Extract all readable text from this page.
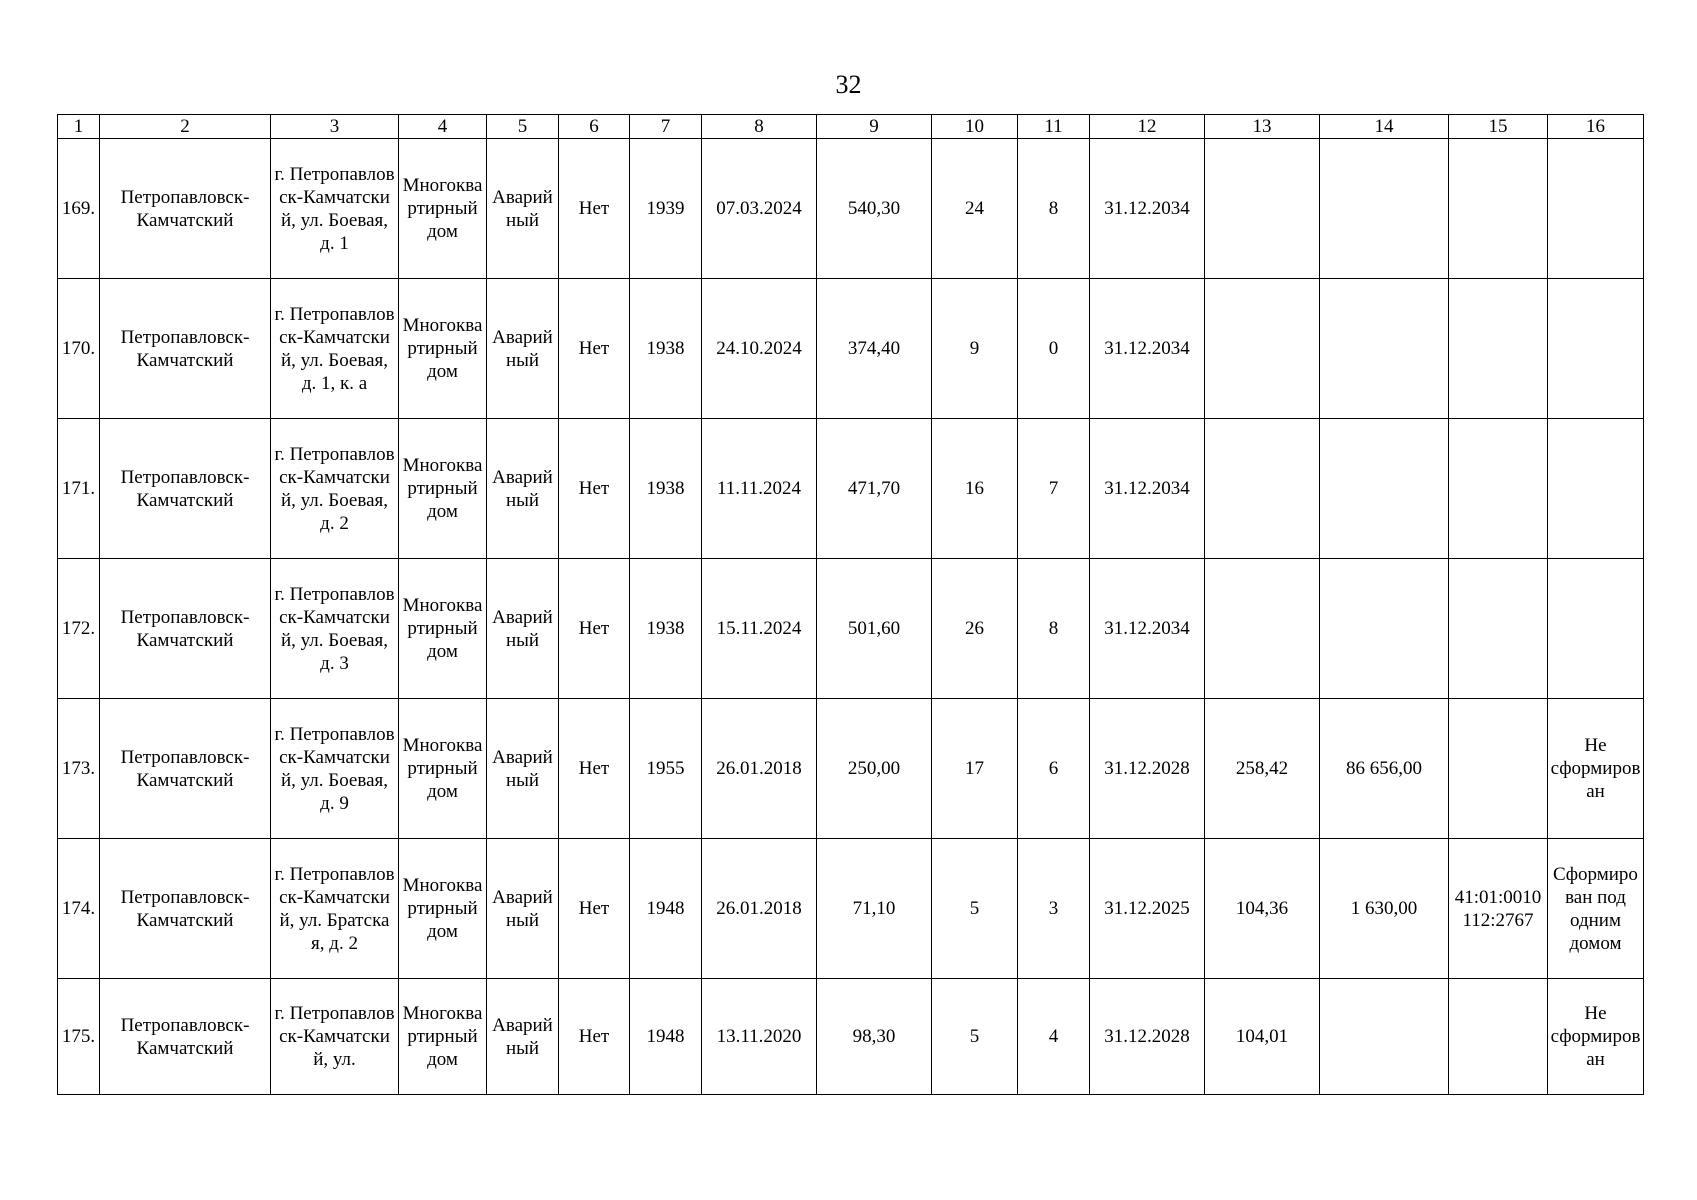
32
1	2	3	4	5	6	7	8	9	10	11	12	13	14	15	16
169.	Петропавловск-Камчатский	г. Петропавловск-Камчатский, ул. Боевая, д. 1	Многоквартирный дом	Аварийный	Нет	1939	07.03.2024	540,30	24	8	31.12.2034				
170.	Петропавловск-Камчатский	г. Петропавловск-Камчатский, ул. Боевая, д. 1, к. а	Многоквартирный дом	Аварийный	Нет	1938	24.10.2024	374,40	9	0	31.12.2034				
171.	Петропавловск-Камчатский	г. Петропавловск-Камчатский, ул. Боевая, д. 2	Многоквартирный дом	Аварийный	Нет	1938	11.11.2024	471,70	16	7	31.12.2034				
172.	Петропавловск-Камчатский	г. Петропавловск-Камчатский, ул. Боевая, д. 3	Многоквартирный дом	Аварийный	Нет	1938	15.11.2024	501,60	26	8	31.12.2034				
173.	Петропавловск-Камчатский	г. Петропавловск-Камчатский, ул. Боевая, д. 9	Многоквартирный дом	Аварийный	Нет	1955	26.01.2018	250,00	17	6	31.12.2028	258,42	86 656,00		Не сформирован
174.	Петропавловск-Камчатский	г. Петропавловск-Камчатский, ул. Братская, д. 2	Многоквартирный дом	Аварийный	Нет	1948	26.01.2018	71,10	5	3	31.12.2025	104,36	1 630,00	41:01:0010112:2767	Сформирован под одним домом
175.	Петропавловск-Камчатский	г. Петропавловск-Камчатский, ул.	Многоквартирный дом	Аварийный	Нет	1948	13.11.2020	98,30	5	4	31.12.2028	104,01			Не сформирован
